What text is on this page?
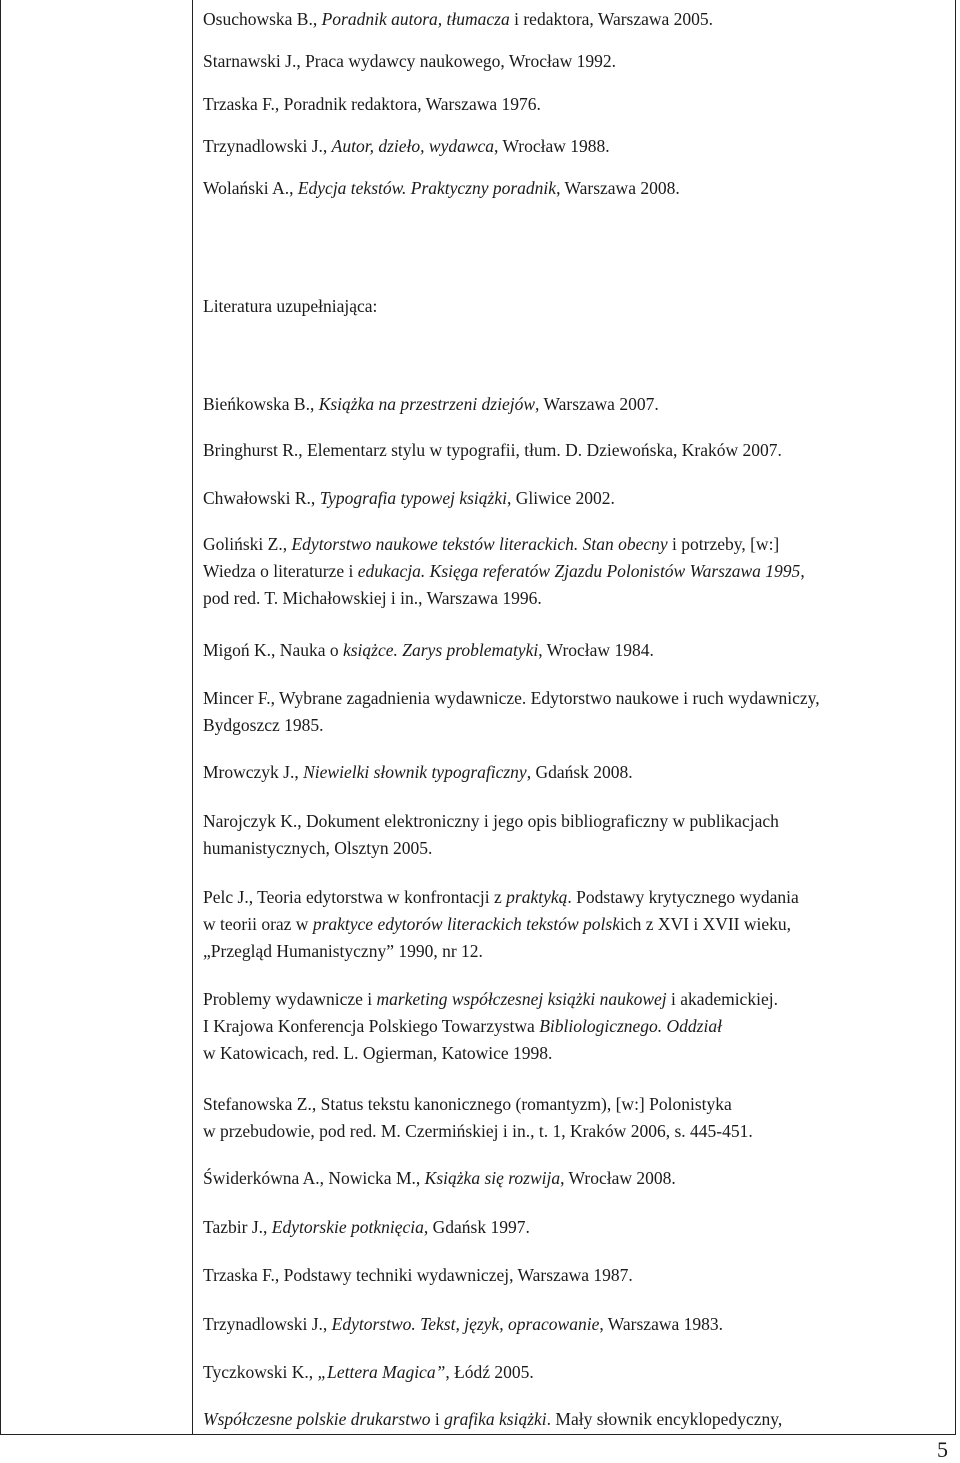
Osuchowska B., Poradnik autora, tłumacza i redaktora, Warszawa 2005.
Starnawski J., Praca wydawcy naukowego, Wrocław 1992.
Trzaska F., Poradnik redaktora, Warszawa 1976.
Trzynadlowski J., Autor, dzieło, wydawca, Wrocław 1988.
Wolański A., Edycja tekstów. Praktyczny poradnik, Warszawa 2008.
Literatura uzupełniająca:
Bieńkowska B., Książka na przestrzeni dziejów, Warszawa 2007.
Bringhurst R., Elementarz stylu w typografii, tłum. D. Dziewońska, Kraków 2007.
Chwałowski R., Typografia typowej książki, Gliwice 2002.
Goliński Z., Edytorstwo naukowe tekstów literackich. Stan obecny i potrzeby, [w:]
Wiedza o literaturze i edukacja. Księga referatów Zjazdu Polonistów Warszawa 1995,
pod red. T. Michałowskiej i in., Warszawa 1996.
Migoń K., Nauka o książce. Zarys problematyki, Wrocław 1984.
Mincer F., Wybrane zagadnienia wydawnicze. Edytorstwo naukowe i ruch wydawniczy,
Bydgoszcz 1985.
Mrowczyk J., Niewielki słownik typograficzny, Gdańsk 2008.
Narojczyk K., Dokument elektroniczny i jego opis bibliograficzny w publikacjach
humanistycznych, Olsztyn 2005.
Pelc J., Teoria edytorstwa w konfrontacji z praktyką. Podstawy krytycznego wydania
w teorii oraz w praktyce edytorów literackich tekstów polskich z XVI i XVII wieku,
„Przegląd Humanistyczny” 1990, nr 12.
Problemy wydawnicze i marketing współczesnej książki naukowej i akademickiej.
I Krajowa Konferencja Polskiego Towarzystwa Bibliologicznego. Oddział
w Katowicach, red. L. Ogierman, Katowice 1998.
Stefanowska Z., Status tekstu kanonicznego (romantyzm), [w:] Polonistyka
w przebudowie, pod red. M. Czermińskiej i in., t. 1, Kraków 2006, s. 445-451.
Świderkówna A., Nowicka M., Książka się rozwija, Wrocław 2008.
Tazbir J., Edytorskie potknięcia, Gdańsk 1997.
Trzaska F., Podstawy techniki wydawniczej, Warszawa 1987.
Trzynadlowski J., Edytorstwo. Tekst, język, opracowanie, Warszawa 1983.
Tyczkowski K., „Lettera Magica”, Łódź 2005.
Współczesne polskie drukarstwo i grafika książki. Mały słownik encyklopedyczny,
5
